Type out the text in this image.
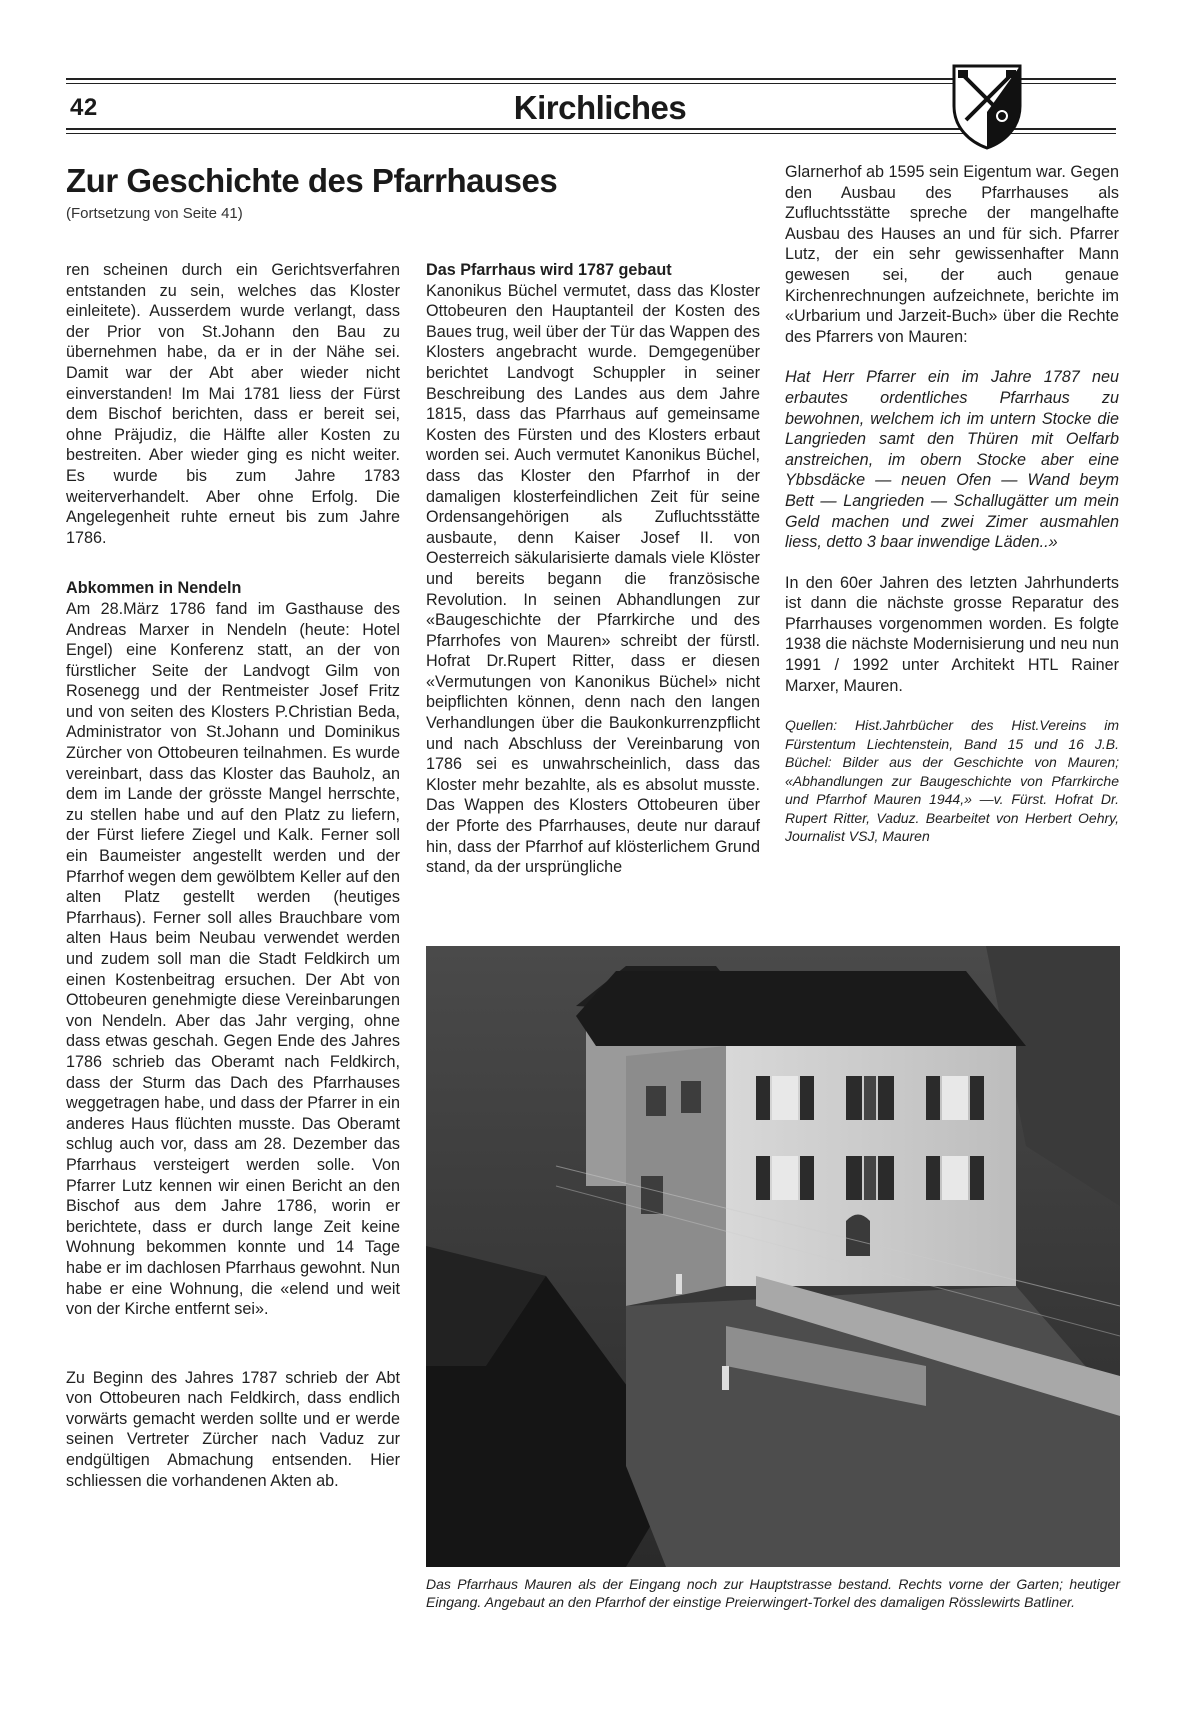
42	Kirchliches
Zur Geschichte des Pfarrhauses
(Fortsetzung von Seite 41)

ren scheinen durch ein Gerichtsverfahren entstanden zu sein, welches das Kloster einleitete). Ausserdem wurde verlangt, dass der Prior von St.Johann den Bau zu übernehmen habe, da er in der Nähe sei. Damit war der Abt aber wieder nicht einverstanden! Im Mai 1781 liess der Fürst dem Bischof berichten, dass er bereit sei, ohne Präjudiz, die Hälfte aller Kosten zu bestreiten. Aber wieder ging es nicht weiter. Es wurde bis zum Jahre 1783 weiterverhandelt. Aber ohne Erfolg. Die Angelegenheit ruhte erneut bis zum Jahre 1786.

Abkommen in Nendeln

Am 28.März 1786 fand im Gasthause des Andreas Marxer in Nendeln (heute: Hotel Engel) eine Konferenz statt, an der von fürstlicher Seite der Landvogt Gilm von Rosenegg und der Rentmeister Josef Fritz und von seiten des Klosters P.Christian Beda, Administrator von St.Johann und Dominikus Zürcher von Ottobeuren teilnahmen. Es wurde vereinbart, dass das Kloster das Bauholz, an dem im Lande der grösste Mangel herrschte, zu stellen habe und auf den Platz zu liefern, der Fürst liefere Ziegel und Kalk. Ferner soll ein Baumeister angestellt werden und der Pfarrhof wegen dem gewölbtem Keller auf den alten Platz gestellt werden (heutiges Pfarrhaus). Ferner soll alles Brauchbare vom alten Haus beim Neubau verwendet werden und zudem soll man die Stadt Feldkirch um einen Kostenbeitrag ersuchen. Der Abt von Ottobeuren genehmigte diese Vereinbarungen von Nendeln. Aber das Jahr verging, ohne dass etwas geschah. Gegen Ende des Jahres 1786 schrieb das Oberamt nach Feldkirch, dass der Sturm das Dach des Pfarrhauses weggetragen habe, und dass der Pfarrer in ein anderes Haus flüchten musste. Das Oberamt schlug auch vor, dass am 28. Dezember das Pfarrhaus versteigert werden solle. Von Pfarrer Lutz kennen wir einen Bericht an den Bischof aus dem Jahre 1786, worin er berichtete, dass er durch lange Zeit keine Wohnung bekommen konnte und 14 Tage habe er im dachlosen Pfarrhaus gewohnt. Nun habe er eine Wohnung, die «elend und weit von der Kirche entfernt sei».

Zu Beginn des Jahres 1787 schrieb der Abt von Ottobeuren nach Feldkirch, dass endlich vorwärts gemacht werden sollte und er werde seinen Vertreter Zürcher nach Vaduz zur endgültigen Abmachung entsenden. Hier schliessen die vorhandenen Akten ab.

Das Pfarrhaus wird 1787 gebaut

Kanonikus Büchel vermutet, dass das Kloster Ottobeuren den Hauptanteil der Kosten des Baues trug, weil über der Tür das Wappen des Klosters angebracht wurde. Demgegenüber berichtet Landvogt Schuppler in seiner Beschreibung des Landes aus dem Jahre 1815, dass das Pfarrhaus auf gemeinsame Kosten des Fürsten und des Klosters erbaut worden sei. Auch vermutet Kanonikus Büchel, dass das Kloster den Pfarrhof in der damaligen klosterfeindlichen Zeit für seine Ordensangehörigen als Zufluchtsstätte ausbaute, denn Kaiser Josef II. von Oesterreich säkularisierte damals viele Klöster und bereits begann die französische Revolution. In seinen Abhandlungen zur «Baugeschichte der Pfarrkirche und des Pfarrhofes von Mauren» schreibt der fürstl. Hofrat Dr.Rupert Ritter, dass er diesen «Vermutungen von Kanonikus Büchel» nicht beipflichten können, denn nach den langen Verhandlungen über die Baukonkurrenzpflicht und nach Abschluss der Vereinbarung von 1786 sei es unwahrscheinlich, dass das Kloster mehr bezahlte, als es absolut musste. Das Wappen des Klosters Ottobeuren über der Pforte des Pfarrhauses, deute nur darauf hin, dass der Pfarrhof auf klösterlichem Grund stand, da der ursprüngliche

Glarnerhof ab 1595 sein Eigentum war. Gegen den Ausbau des Pfarrhauses als Zufluchtsstätte spreche der mangelhafte Ausbau des Hauses an und für sich. Pfarrer Lutz, der ein sehr gewissenhafter Mann gewesen sei, der auch genaue Kirchenrechnungen aufzeichnete, berichte im «Urbarium und Jarzeit-Buch» über die Rechte des Pfarrers von Mauren:

Hat Herr Pfarrer ein im Jahre 1787 neu erbautes ordentliches Pfarrhaus zu bewohnen, welchem ich im untern Stocke die Langrieden samt den Thüren mit Oelfarb anstreichen, im obern Stocke aber eine Ybbsdäcke — neuen Ofen — Wand beym Bett — Langrieden — Schallugätter um mein Geld machen und zwei Zimer ausmahlen liess, detto 3 baar inwendige Läden..»

In den 60er Jahren des letzten Jahrhunderts ist dann die nächste grosse Reparatur des Pfarrhauses vorgenommen worden. Es folgte 1938 die nächste Modernisierung und neu nun 1991 / 1992 unter Architekt HTL Rainer Marxer, Mauren.

Quellen: Hist.Jahrbücher des Hist.Vereins im Fürstentum Liechtenstein, Band 15 und 16 J.B. Büchel: Bilder aus der Geschichte von Mauren; «Abhandlungen zur Baugeschichte von Pfarrkirche und Pfarrhof Mauren 1944,» —v. Fürst. Hofrat Dr. Rupert Ritter, Vaduz. Bearbeitet von Herbert Oehry, Journalist VSJ, Mauren

Das Pfarrhaus Mauren als der Eingang noch zur Hauptstrasse bestand. Rechts vorne der Garten; heutiger Eingang. Angebaut an den Pfarrhof der einstige Preierwingert-Torkel des damaligen Rösslewirts Batliner.
